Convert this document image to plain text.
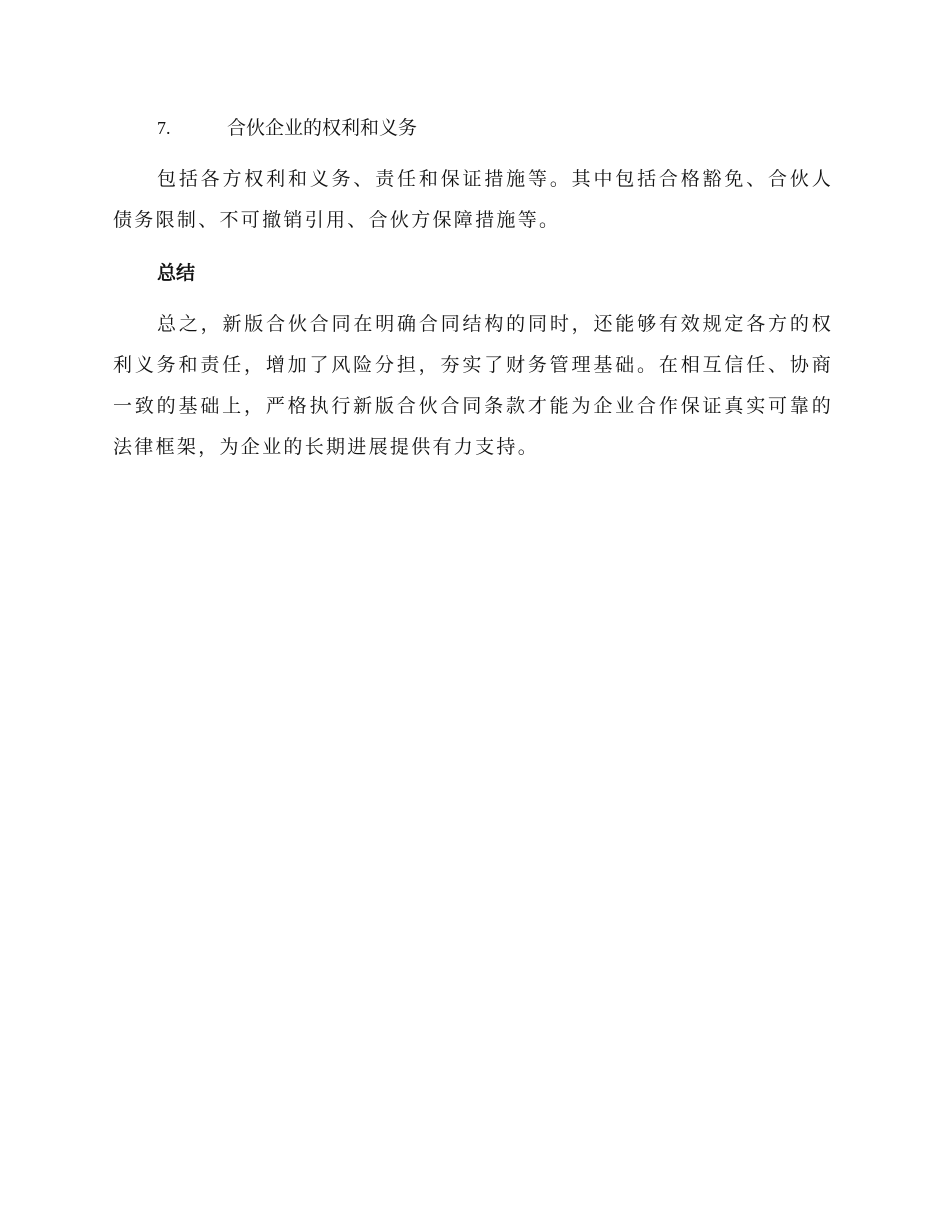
7.	合伙企业的权利和义务

包括各方权利和义务、责任和保证措施等。其中包括合格豁免、合伙人债务限制、不可撤销引用、合伙方保障措施等。

总结

总之，新版合伙合同在明确合同结构的同时，还能够有效规定各方的权利义务和责任，增加了风险分担，夯实了财务管理基础。在相互信任、协商一致的基础上，严格执行新版合伙合同条款才能为企业合作保证真实可靠的法律框架，为企业的长期进展提供有力支持。
